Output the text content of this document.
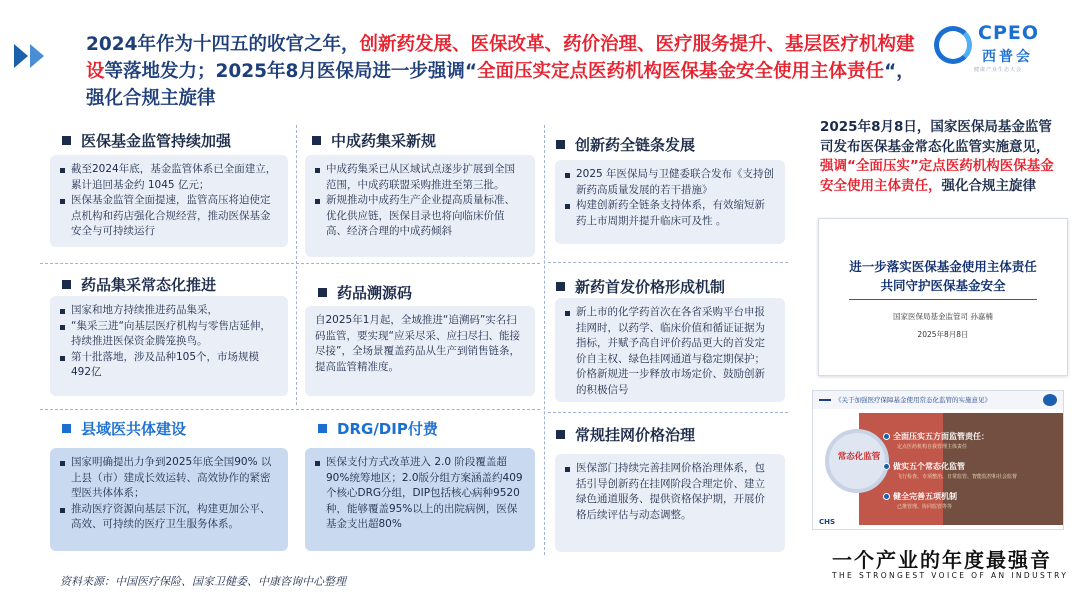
2024年作为十四五的收官之年，创新药发展、医保改革、药价治理、医疗服务提升、基层医疗机构建设等落地发力；2025年8月医保局进一步强调“全面压实定点医药机构医保基金安全使用主体责任“，强化合规主旋律
CPEO
西普会
健康产业生态大会
医保基金监管持续加强
截至2024年底，基金监管体系已全面建立，累计追回基金约 1045 亿元；
医保基金监管全面提速，监管高压将迫使定点机构和药店强化合规经营，推动医保基金安全与可持续运行
药品集采常态化推进
国家和地方持续推进药品集采，
“集采三进“向基层医疗机构与零售店延伸，持续推进医保资金腾笼换鸟。
第十批落地，涉及品种105个，市场规模492亿
县域医共体建设
国家明确提出力争到2025年底全国90% 以上县（市）建成长效运转、高效协作的紧密型医共体体系；
推动医疗资源向基层下沉，构建更加公平、高效、可持续的医疗卫生服务体系。
中成药集采新规
中成药集采已从区域试点逐步扩展到全国范围，中成药联盟采购推进至第三批。
新规推动中成药生产企业提高质量标准、优化供应链，医保目录也将向临床价值高、经济合理的中成药倾斜
药品溯源码

自2025年1月起，全域推进“追溯码”实名扫码监管，要实现“应采尽采、应扫尽扫、能接尽接”，全场景覆盖药品从生产到销售链条，提高监管精准度。

DRG/DIP付费
医保支付方式改革进入 2.0 阶段覆盖超90%统筹地区；2.0版分组方案涵盖约409个核心DRG分组，DIP包括核心病种9520种，能够覆盖95%以上的出院病例，医保基金支出超80%
创新药全链条发展
2025 年医保局与卫健委联合发布《支持创新药高质量发展的若干措施》
构建创新药全链条支持体系，有效缩短新药上市周期并提升临床可及性 。
新药首发价格形成机制
新上市的化学药首次在各省采购平台申报挂网时，以药学、临床价值和循证证据为指标，并赋予高自评价药品更大的首发定价自主权、绿色挂网通道与稳定期保护；价格新规进一步释放市场定价、鼓励创新的积极信号
常规挂网价格治理
医保部门持续完善挂网价格治理体系，包括引导创新药在挂网阶段合理定价、建立绿色通道服务、提供资格保护期，开展价格后续评估与动态调整。
2025年8月8日，国家医保局基金监管司发布医保基金常态化监管实施意见，强调“全面压实”定点医药机构医保基金安全使用主体责任，强化合规主旋律
进一步落实医保基金使用主体责任
共同守护医保基金安全
国家医保局基金监管司 孙嘉楠
2025年8月8日
《关于加强医疗保障基金使用常态化监管的实施意见》
常态化监管
全面压实五方面监管责任：
定点医药机构自我管理主体责任
做实五个常态化监管
飞行检查、专项整治、日常监管、智能监控和社会监督
健全完善五项机制
已推管理、协同监管等等
CHS
一个产业的年度最强音
THE STRONGEST VOICE OF AN INDUSTRY
资料来源：中国医疗保险、国家卫健委、中康咨询中心整理
